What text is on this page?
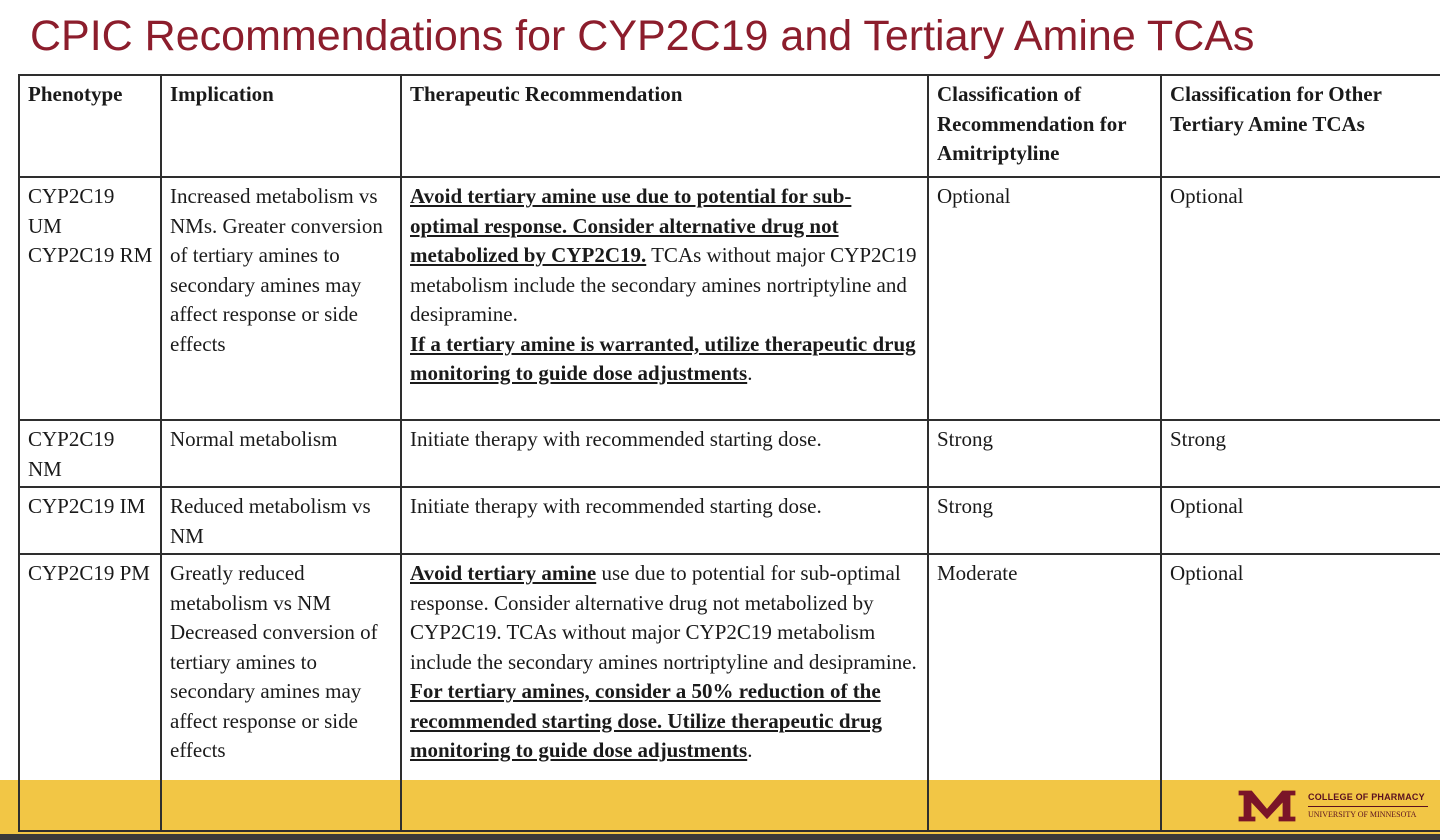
CPIC Recommendations for CYP2C19 and Tertiary Amine TCAs
Phenotype	Implication	Therapeutic Recommendation	Classification of Recommendation for Amitriptyline	Classification for Other Tertiary Amine TCAs
CYP2C19 UM CYP2C19 RM	Increased metabolism vs NMs. Greater conversion of tertiary amines to secondary amines may affect response or side effects	Avoid tertiary amine use due to potential for sub-optimal response. Consider alternative drug not metabolized by CYP2C19. TCAs without major CYP2C19 metabolism include the secondary amines nortriptyline and desipramine.
If a tertiary amine is warranted, utilize therapeutic drug monitoring to guide dose adjustments.	Optional	Optional
CYP2C19 NM	Normal metabolism	Initiate therapy with recommended starting dose.	Strong	Strong
CYP2C19 IM	Reduced metabolism vs NM	Initiate therapy with recommended starting dose.	Strong	Optional
CYP2C19 PM	Greatly reduced metabolism vs NM Decreased conversion of tertiary amines to secondary amines may affect response or side effects	Avoid tertiary amine use due to potential for sub-optimal response. Consider alternative drug not metabolized by CYP2C19. TCAs without major CYP2C19 metabolism include the secondary amines nortriptyline and desipramine.
For tertiary amines, consider a 50% reduction of the recommended starting dose. Utilize therapeutic drug monitoring to guide dose adjustments.	Moderate	Optional
COLLEGE OF PHARMACY
UNIVERSITY OF MINNESOTA
